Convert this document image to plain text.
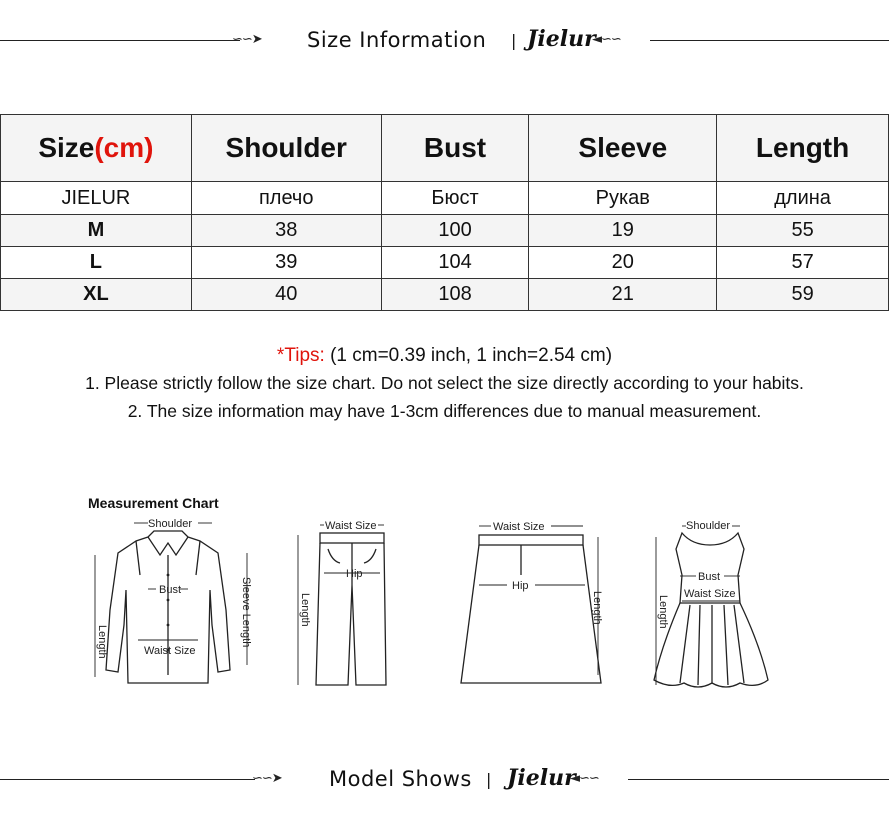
∽∽➤ Size Information | Jielur
◄∽∽
Size(cm)	Shoulder	Bust	Sleeve	Length
JIELUR	плечо	Бюст	Рукав	длина
M	38	100	19	55
L	39	104	20	57
XL	40	108	21	59
*Tips: (1 cm=0.39 inch, 1 inch=2.54 cm)
1. Please strictly follow the size chart. Do not select the size directly according to your habits.
2. The size information may have 1-3cm differences due to manual measurement.
Measurement Chart
Shoulder
Bust
Waist Size
Length	Sleeve Length
Waist Size
Hip
Length
Waist Size
Hip
Length
Shoulder
Bust
Waist Size
Length
∽∽➤ Model Shows | Jielur
◄∽∽
